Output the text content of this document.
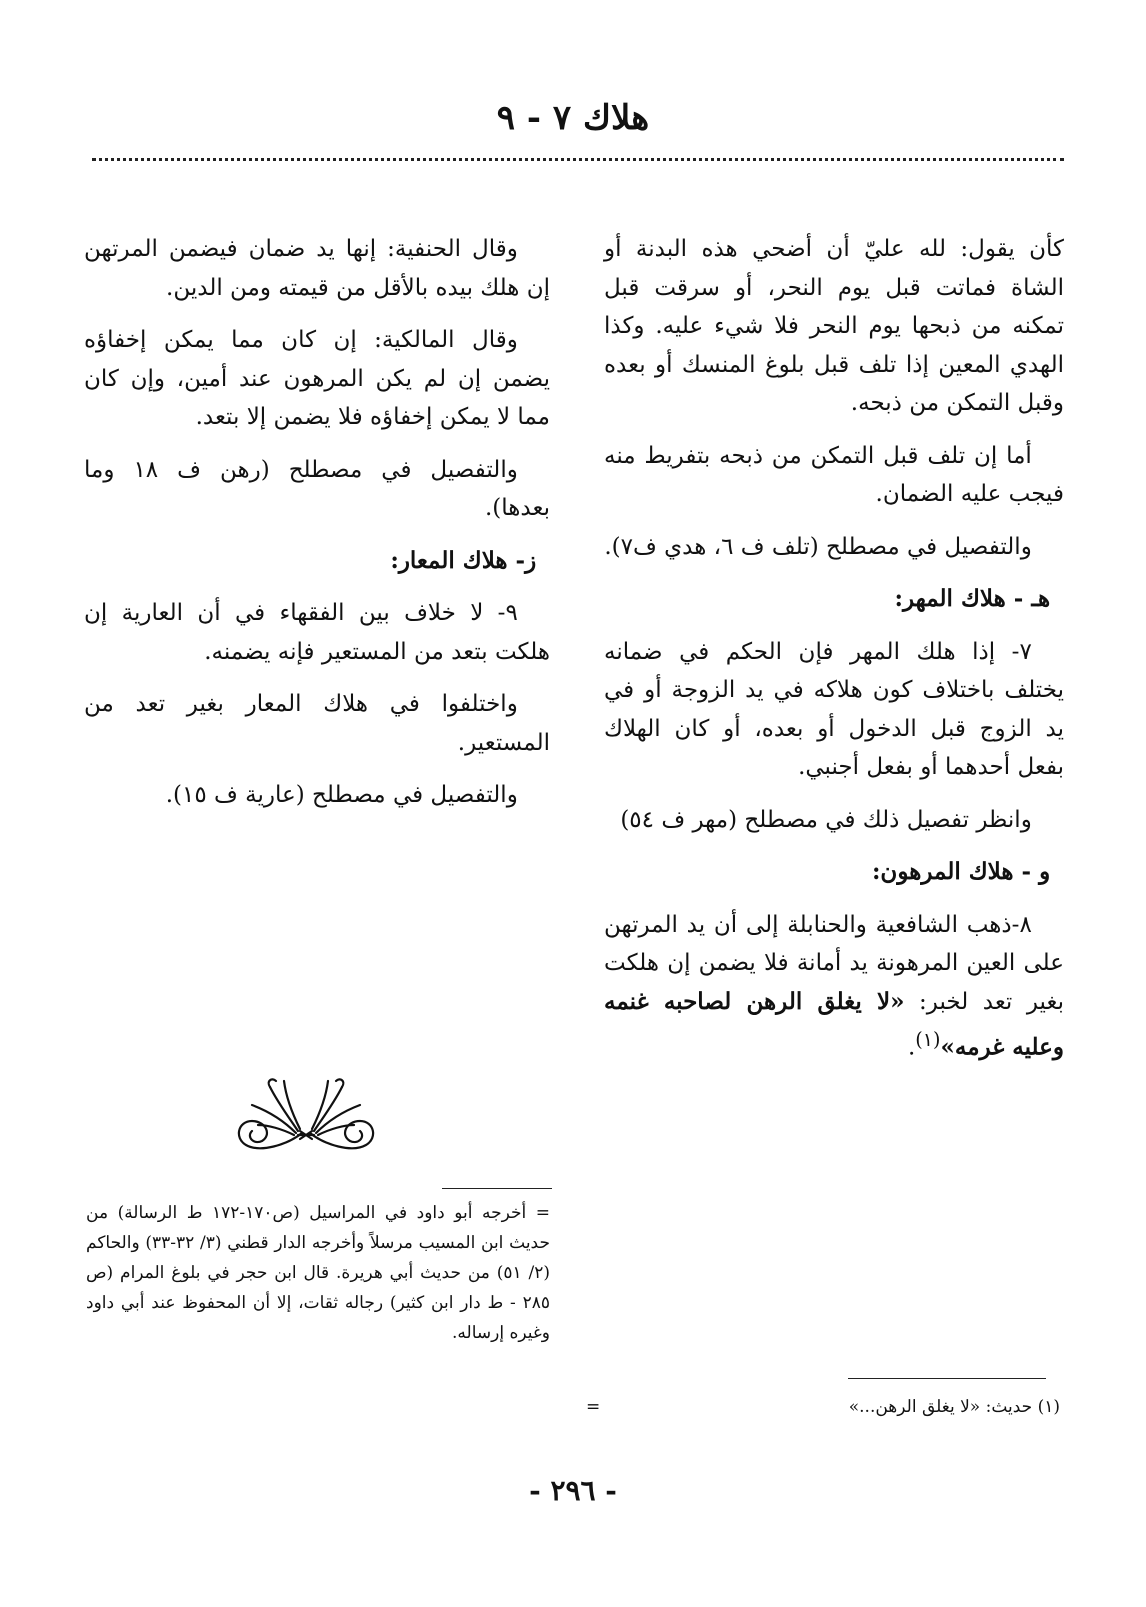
هلاك ٧ - ٩

كأن يقول: لله عليّ أن أضحي هذه البدنة أو الشاة فماتت قبل يوم النحر، أو سرقت قبل تمكنه من ذبحها يوم النحر فلا شيء عليه. وكذا الهدي المعين إذا تلف قبل بلوغ المنسك أو بعده وقبل التمكن من ذبحه.

أما إن تلف قبل التمكن من ذبحه بتفريط منه فيجب عليه الضمان.

والتفصيل في مصطلح (تلف ف ٦، هدي ف٧).

هـ - هلاك المهر:

٧- إذا هلك المهر فإن الحكم في ضمانه يختلف باختلاف كون هلاكه في يد الزوجة أو في يد الزوج قبل الدخول أو بعده، أو كان الهلاك بفعل أحدهما أو بفعل أجنبي.

وانظر تفصيل ذلك في مصطلح (مهر ف ٥٤)

و - هلاك المرهون:

٨-ذهب الشافعية والحنابلة إلى أن يد المرتهن على العين المرهونة يد أمانة فلا يضمن إن هلكت بغير تعد لخبر: «لا يغلق الرهن لصاحبه غنمه وعليه غرمه»$^{(١)}$.

وقال الحنفية: إنها يد ضمان فيضمن المرتهن إن هلك بيده بالأقل من قيمته ومن الدين.

وقال المالكية: إن كان مما يمكن إخفاؤه يضمن إن لم يكن المرهون عند أمين، وإن كان مما لا يمكن إخفاؤه فلا يضمن إلا بتعد.

والتفصيل في مصطلح (رهن ف ١٨ وما بعدها).

ز- هلاك المعار:

٩- لا خلاف بين الفقهاء في أن العارية إن هلكت بتعد من المستعير فإنه يضمنه.

واختلفوا في هلاك المعار بغير تعد من المستعير.

والتفصيل في مصطلح (عارية ف ١٥).

= أخرجه أبو داود في المراسيل (ص١٧٠-١٧٢ ط الرسالة) من حديث ابن المسيب مرسلاً وأخرجه الدار قطني (٣/ ٣٢-٣٣) والحاكم (٢/ ٥١) من حديث أبي هريرة. قال ابن حجر في بلوغ المرام (ص ٢٨٥ - ط دار ابن كثير) رجاله ثقات، إلا أن المحفوظ عند أبي داود وغيره إرساله.
(١) حديث: «لا يغلق الرهن...»
=
- ٢٩٦ -
